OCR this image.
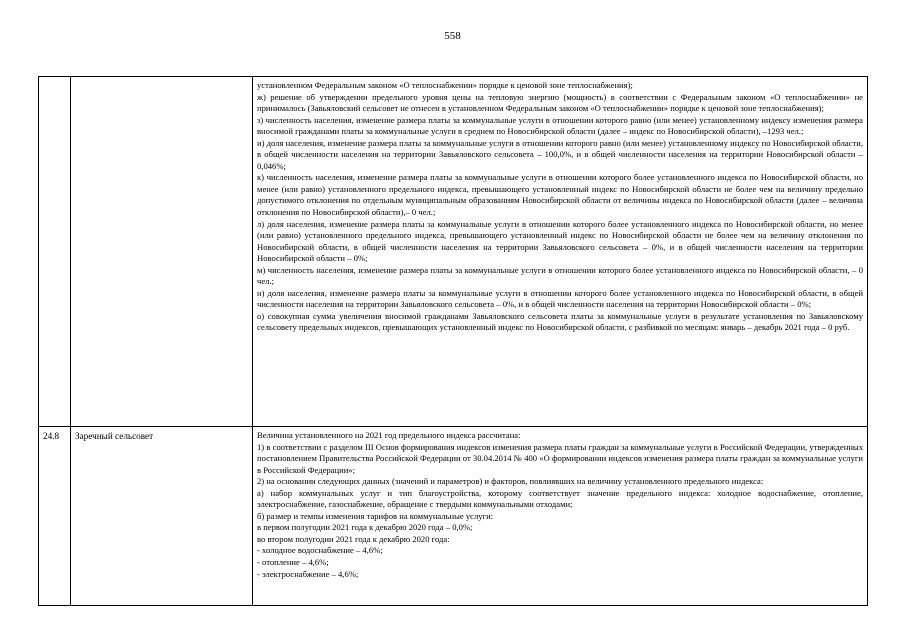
558

установленном Федеральным законом «О теплоснабжении» порядке к ценовой зоне теплоснабжения);

ж) решение об утверждении предельного уровня цены на тепловую энергию (мощность) в соответствии с Федеральным законом «О теплоснабжении» не принималось (Завьяловский сельсовет не отнесен в установленном Федеральным законом «О теплоснабжении» порядке к ценовой зоне теплоснабжения);

з) численность населения, изменение размера платы за коммунальные услуги в отношении которого равно (или менее) установленному индексу изменения размера вносимой гражданами платы за коммунальные услуги в среднем по Новосибирской области (далее – индекс по Новосибирской области), –1293 чел.;

и) доля населения, изменение размера платы за коммунальные услуги в отношении которого равно (или менее) установленному индексу по Новосибирской области, в общей численности населения на территории Завьяловского сельсовета – 100,0%, и в общей численности населения на территории Новосибирской области – 0,046%;

к) численность населения, изменение размера платы за коммунальные услуги в отношении которого более установленного индекса по Новосибирской области, но менее (или равно) установленного предельного индекса, превышающего установленный индекс по Новосибирской области не более чем на величину предельно допустимого отклонения по отдельным муниципальным образованиям Новосибирской области от величины индекса по Новосибирской области (далее – величина отклонения по Новосибирской области),– 0 чел.;

л) доля населения, изменение размера платы за коммунальные услуги в отношении которого более установленного индекса по Новосибирской области, но менее (или равно) установленного предельного индекса, превышающего установленный индекс по Новосибирской области не более чем на величину отклонения по Новосибирской области, в общей численности населения на территории Завьяловского сельсовета – 0%, и в общей численности населения на территории Новосибирской области – 0%;

м) численность населения, изменение размера платы за коммунальные услуги в отношении которого более установленного индекса по Новосибирской области, – 0 чел.;

н) доля населения, изменение размера платы за коммунальные услуги в отношении которого более установленного индекса по Новосибирской области, в общей численности населения на территории Завьяловского сельсовета – 0%, и в общей численности населения на территории Новосибирской области – 0%;

о) совокупная сумма увеличения вносимой гражданами Завьяловского сельсовета платы за коммунальные услуги в результате установления по Завьяловскому сельсовету предельных индексов, превышающих установленный индекс по Новосибирской области, с разбивкой по месяцам: январь – декабрь 2021 года – 0 руб.

24.8	Заречный сельсовет	Величина установленного на 2021 год предельного индекса рассчитана:

1) в соответствии с разделом III Основ формирования индексов изменения размера платы граждан за коммунальные услуги в Российской Федерации, утвержденных постановлением Правительства Российской Федерации от 30.04.2014 № 400 «О формировании индексов изменения размера платы граждан за коммунальные услуги в Российской Федерации»;

2) на основании следующих данных (значений и параметров) и факторов, повлиявших на величину установленного предельного индекса:

а) набор коммунальных услуг и тип благоустройства, которому соответствует значение предельного индекса: холодное водоснабжение, отопление, электроснабжение, газоснабжение, обращение с твердыми коммунальными отходами;

б) размер и темпы изменения тарифов на коммунальные услуги:

в первом полугодии 2021 года к декабрю 2020 года – 0,0%;

во втором полугодии 2021 года к декабрю 2020 года:

- холодное водоснабжение – 4,6%;

- отопление – 4,6%;

- электроснабжение – 4,6%;
